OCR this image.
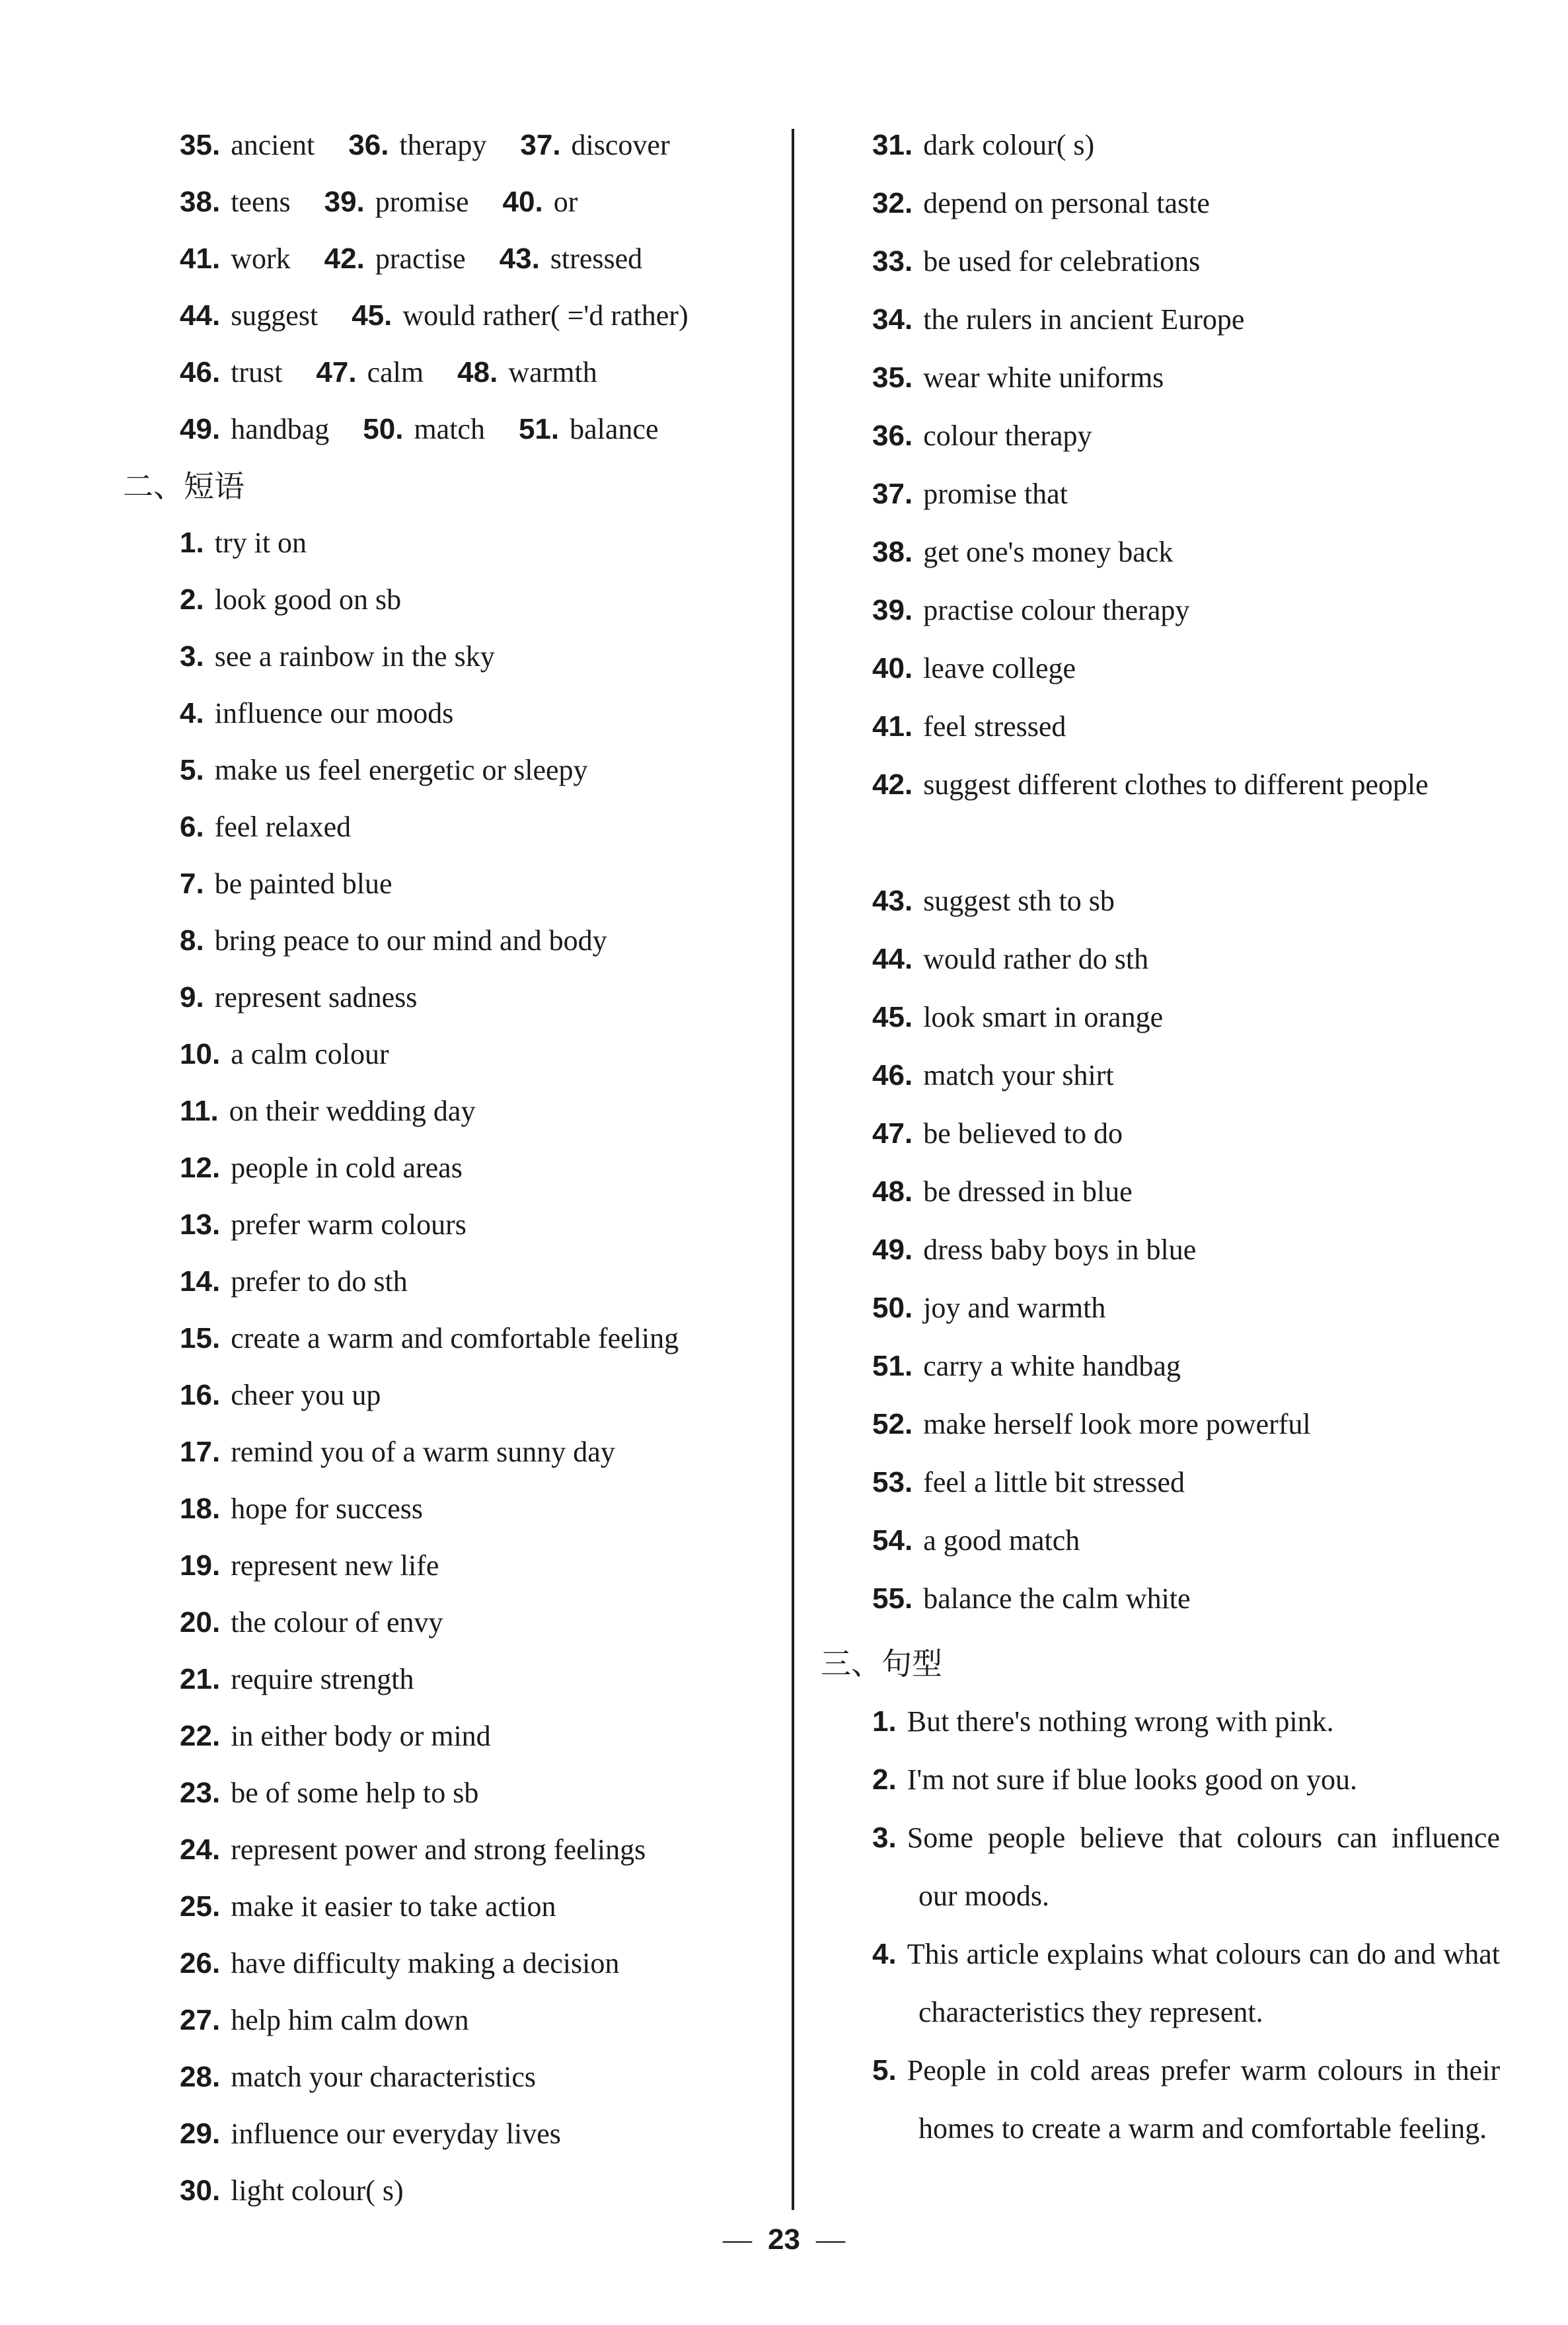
35. ancient 36. therapy 37. discover
38. teens 39. promise 40. or
41. work 42. practise 43. stressed
44. suggest 45. would rather( ='d rather)
46. trust 47. calm 48. warmth
49. handbag 50. match 51. balance
二、短语
1. try it on
2. look good on sb
3. see a rainbow in the sky
4. influence our moods
5. make us feel energetic or sleepy
6. feel relaxed
7. be painted blue
8. bring peace to our mind and body
9. represent sadness
10. a calm colour
11. on their wedding day
12. people in cold areas
13. prefer warm colours
14. prefer to do sth
15. create a warm and comfortable feeling
16. cheer you up
17. remind you of a warm sunny day
18. hope for success
19. represent new life
20. the colour of envy
21. require strength
22. in either body or mind
23. be of some help to sb
24. represent power and strong feelings
25. make it easier to take action
26. have difficulty making a decision
27. help him calm down
28. match your characteristics
29. influence our everyday lives
30. light colour( s)
31. dark colour( s)
32. depend on personal taste
33. be used for celebrations
34. the rulers in ancient Europe
35. wear white uniforms
36. colour therapy
37. promise that
38. get one's money back
39. practise colour therapy
40. leave college
41. feel stressed
42. suggest different clothes to different people
43. suggest sth to sb
44. would rather do sth
45. look smart in orange
46. match your shirt
47. be believed to do
48. be dressed in blue
49. dress baby boys in blue
50. joy and warmth
51. carry a white handbag
52. make herself look more powerful
53. feel a little bit stressed
54. a good match
55. balance the calm white
三、句型
1. But there's nothing wrong with pink.
2. I'm not sure if blue looks good on you.
3. Some people believe that colours can influence our moods.
4. This article explains what colours can do and what characteristics they represent.
5. People in cold areas prefer warm colours in their homes to create a warm and comfortable feeling.
— 23 —
